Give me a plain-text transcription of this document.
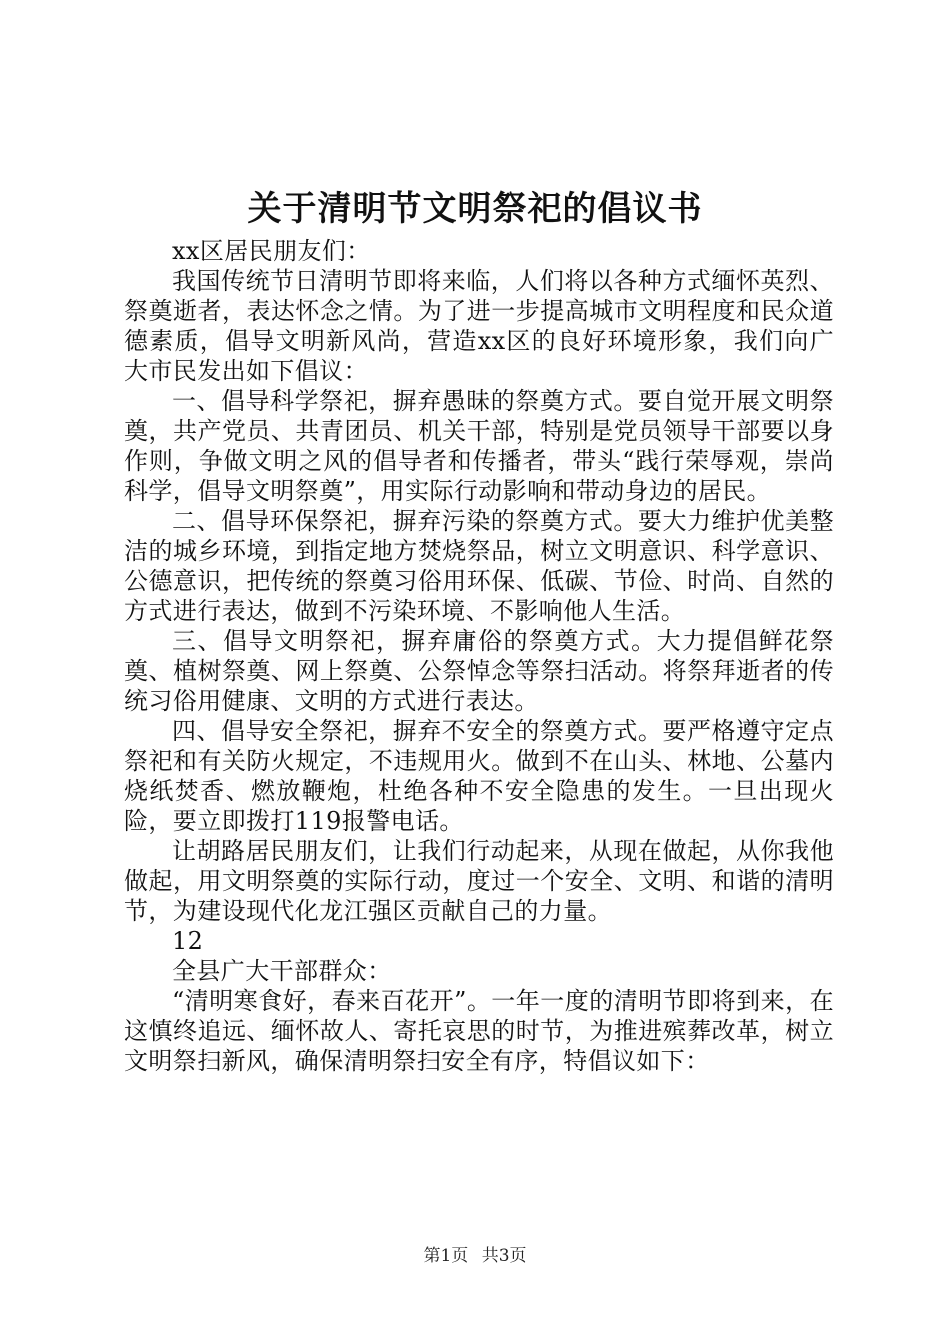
关于清明节文明祭祀的倡议书

xx区居民朋友们：

我国传统节日清明节即将来临，人们将以各种方式缅怀英烈、祭奠逝者，表达怀念之情。为了进一步提高城市文明程度和民众道德素质，倡导文明新风尚，营造xx区的良好环境形象，我们向广大市民发出如下倡议：

一、倡导科学祭祀，摒弃愚昧的祭奠方式。要自觉开展文明祭奠，共产党员、共青团员、机关干部，特别是党员领导干部要以身作则，争做文明之风的倡导者和传播者，带头“践行荣辱观，崇尚科学，倡导文明祭奠”，用实际行动影响和带动身边的居民。

二、倡导环保祭祀，摒弃污染的祭奠方式。要大力维护优美整洁的城乡环境，到指定地方焚烧祭品，树立文明意识、科学意识、公德意识，把传统的祭奠习俗用环保、低碳、节俭、时尚、自然的方式进行表达，做到不污染环境、不影响他人生活。

三、倡导文明祭祀，摒弃庸俗的祭奠方式。大力提倡鲜花祭奠、植树祭奠、网上祭奠、公祭悼念等祭扫活动。将祭拜逝者的传统习俗用健康、文明的方式进行表达。

四、倡导安全祭祀，摒弃不安全的祭奠方式。要严格遵守定点祭祀和有关防火规定，不违规用火。做到不在山头、林地、公墓内烧纸焚香、燃放鞭炮，杜绝各种不安全隐患的发生。一旦出现火险，要立即拨打119报警电话。

让胡路居民朋友们，让我们行动起来，从现在做起，从你我他做起，用文明祭奠的实际行动，度过一个安全、文明、和谐的清明节，为建设现代化龙江强区贡献自己的力量。

12

全县广大干部群众：

“清明寒食好，春来百花开”。一年一度的清明节即将到来，在这慎终追远、缅怀故人、寄托哀思的时节，为推进殡葬改革，树立文明祭扫新风，确保清明祭扫安全有序，特倡议如下：

第1页 共3页
